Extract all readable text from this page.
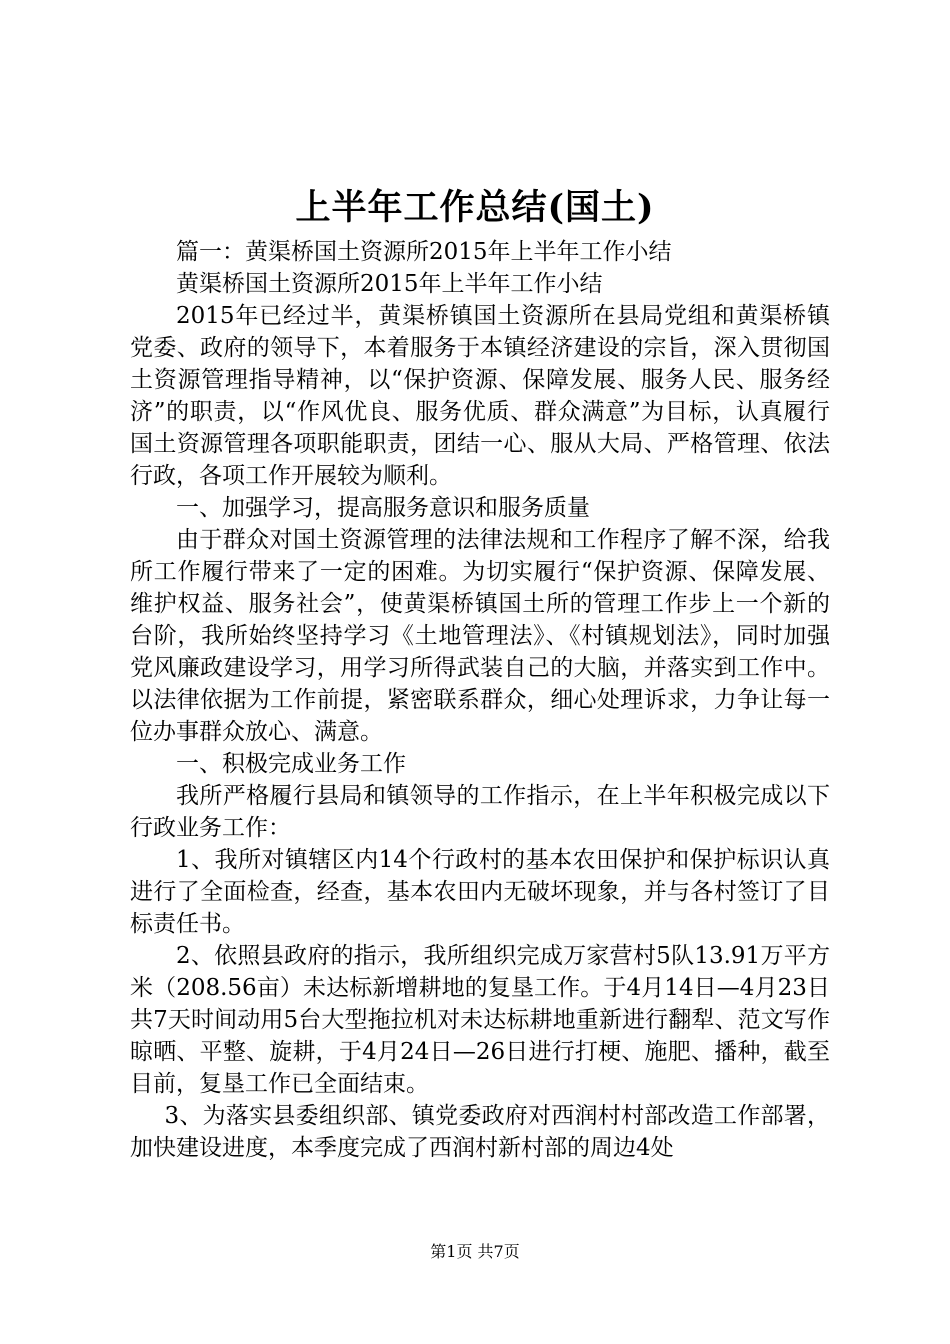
上半年工作总结(国土)

篇一：黄渠桥国土资源所2015年上半年工作小结

黄渠桥国土资源所2015年上半年工作小结

2015年已经过半，黄渠桥镇国土资源所在县局党组和黄渠桥镇党委、政府的领导下，本着服务于本镇经济建设的宗旨，深入贯彻国土资源管理指导精神，以“保护资源、保障发展、服务人民、服务经济”的职责，以“作风优良、服务优质、群众满意”为目标，认真履行国土资源管理各项职能职责，团结一心、服从大局、严格管理、依法行政，各项工作开展较为顺利。

一、加强学习，提高服务意识和服务质量

由于群众对国土资源管理的法律法规和工作程序了解不深，给我所工作履行带来了一定的困难。为切实履行“保护资源、保障发展、维护权益、服务社会”，使黄渠桥镇国土所的管理工作步上一个新的台阶，我所始终坚持学习《土地管理法》、《村镇规划法》，同时加强党风廉政建设学习，用学习所得武装自己的大脑，并落实到工作中。以法律依据为工作前提，紧密联系群众，细心处理诉求，力争让每一位办事群众放心、满意。

一、积极完成业务工作

我所严格履行县局和镇领导的工作指示，在上半年积极完成以下行政业务工作：

1、我所对镇辖区内14个行政村的基本农田保护和保护标识认真进行了全面检查，经查，基本农田内无破坏现象，并与各村签订了目标责任书。

2、依照县政府的指示，我所组织完成万家营村5队13.91万平方米（208.56亩）未达标新增耕地的复垦工作。于4月14日—4月23日共7天时间动用5台大型拖拉机对未达标耕地重新进行翻犁、范文写作晾晒、平整、旋耕，于4月24日—26日进行打梗、施肥、播种，截至目前，复垦工作已全面结束。

3、为落实县委组织部、镇党委政府对西润村村部改造工作部署，加快建设进度，本季度完成了西润村新村部的周边4处

第1页 共7页
